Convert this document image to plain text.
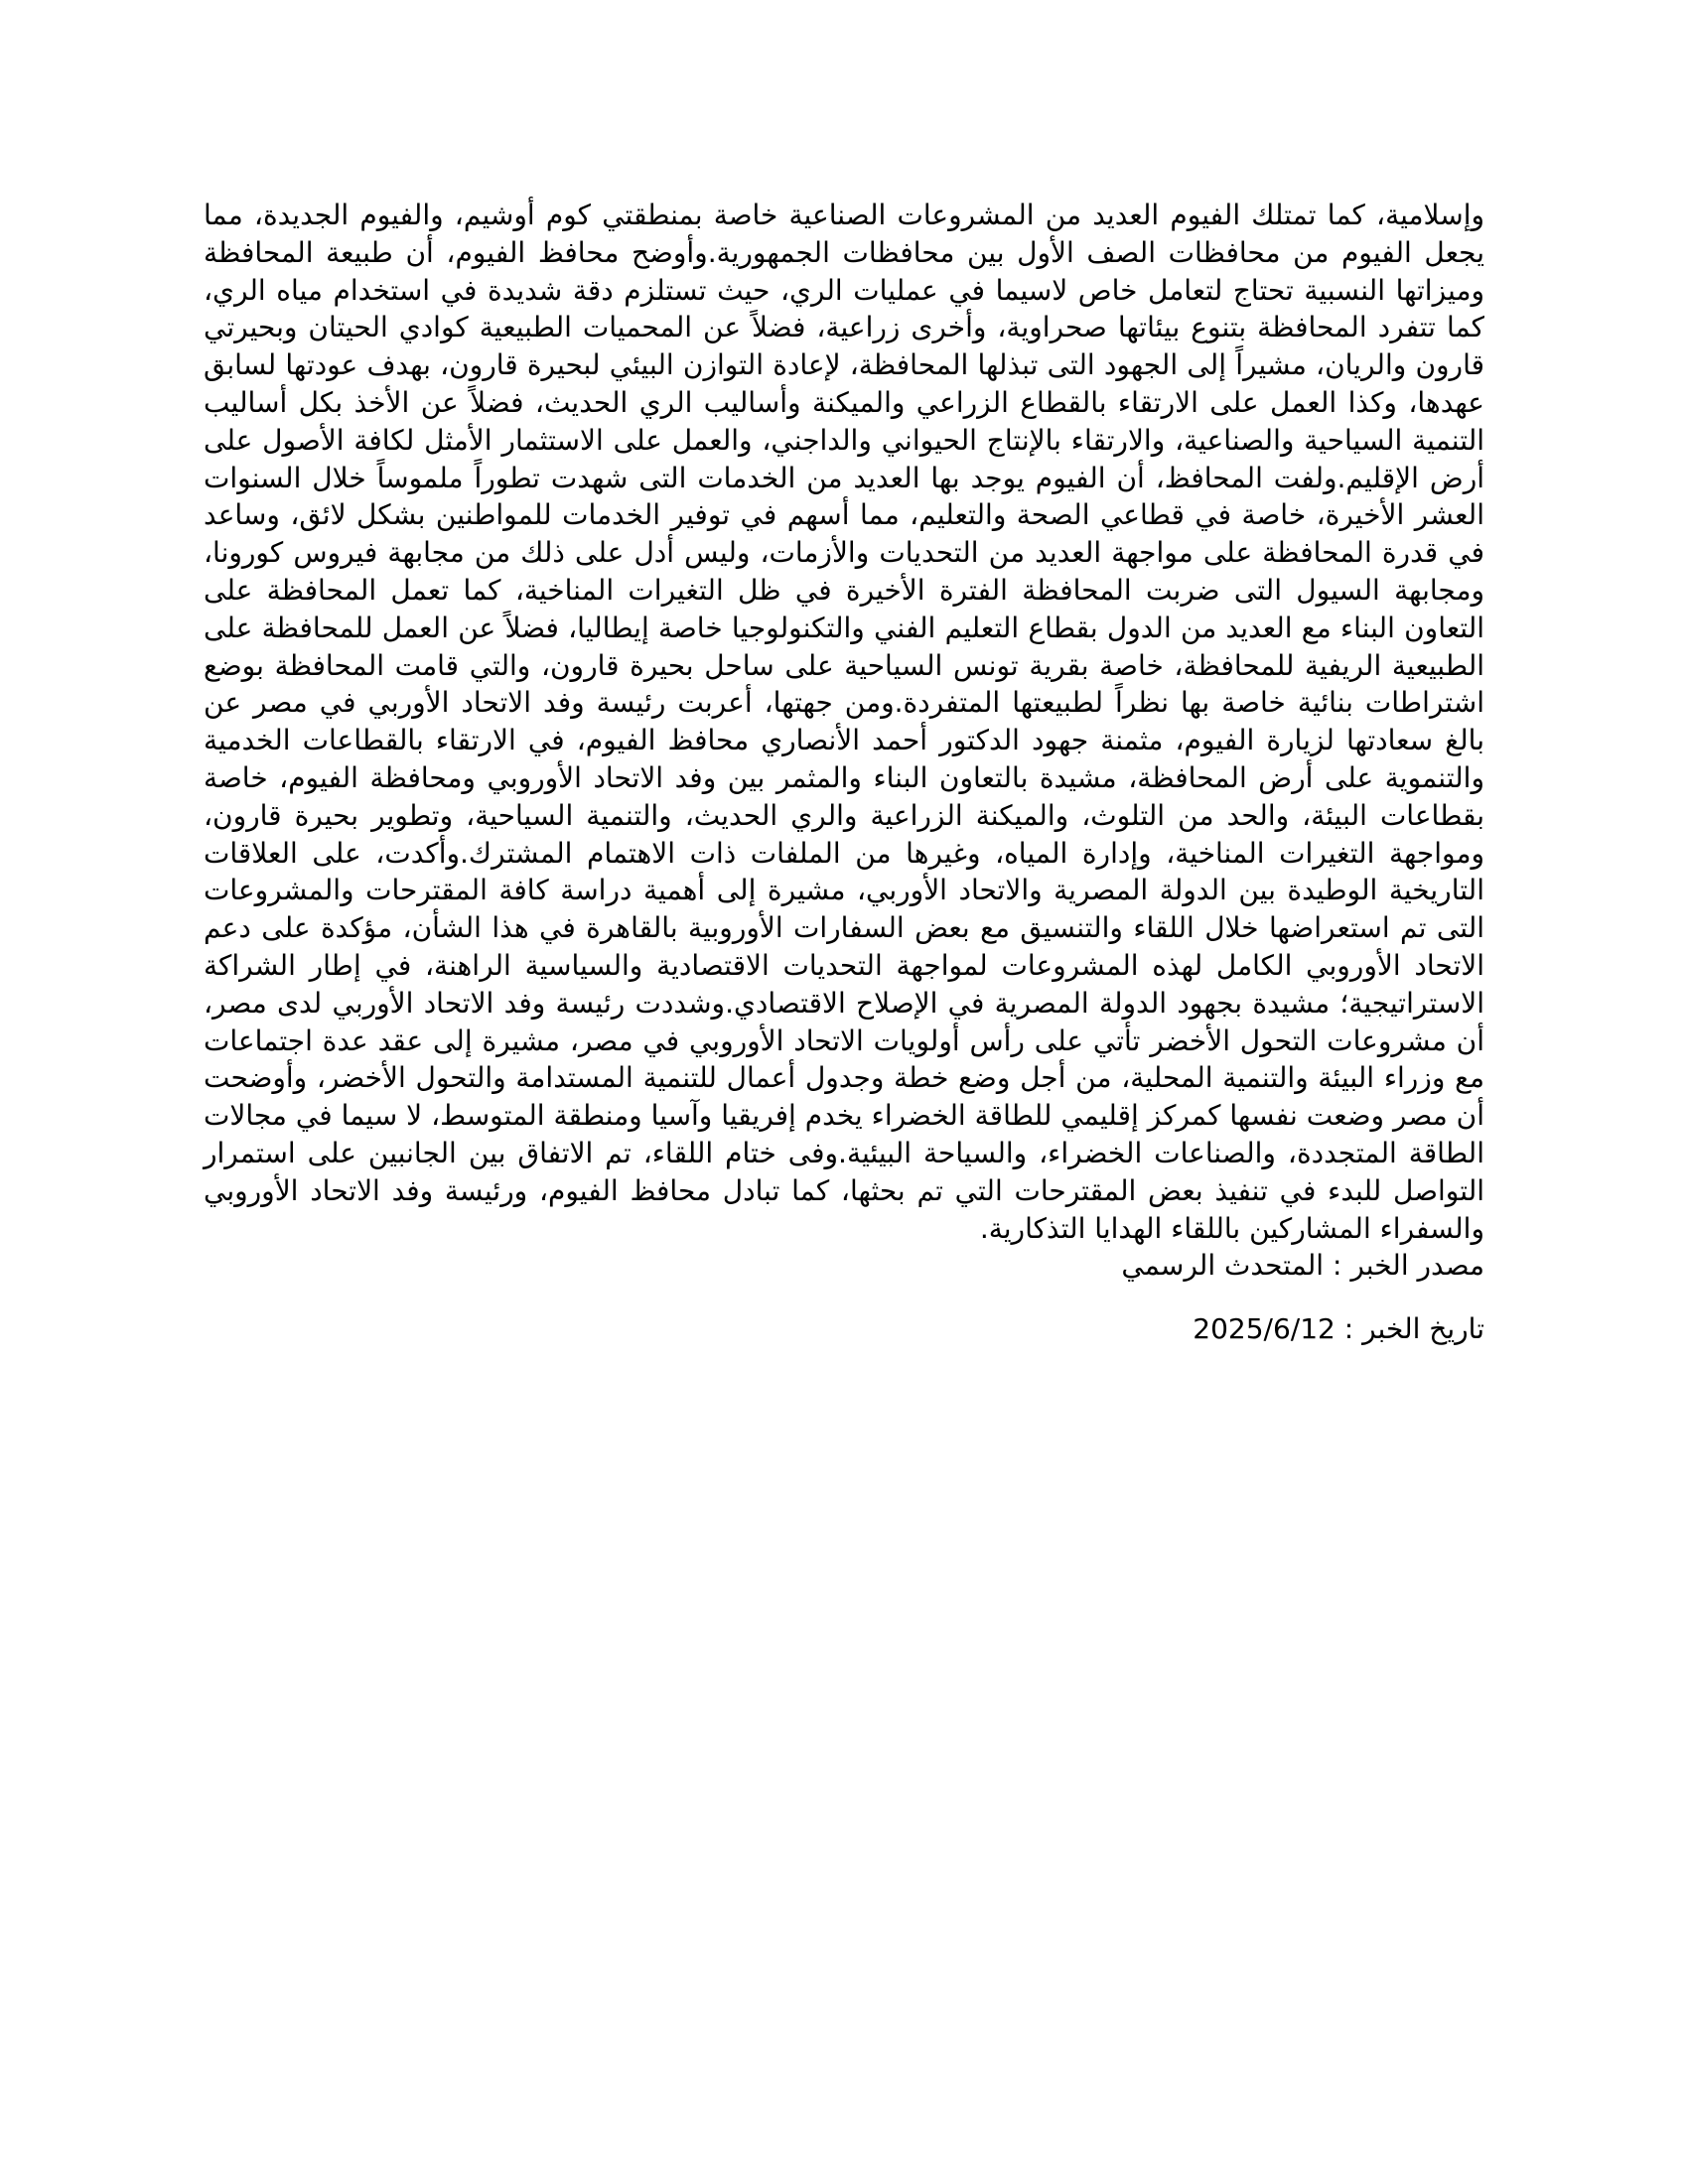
وإسلامية، كما تمتلك الفيوم العديد من المشروعات الصناعية خاصة بمنطقتي كوم أوشيم، والفيوم الجديدة، مما يجعل الفيوم من محافظات الصف الأول بين محافظات الجمهورية.وأوضح محافظ الفيوم، أن طبيعة المحافظة وميزاتها النسبية تحتاج لتعامل خاص لاسيما في عمليات الري، حيث تستلزم دقة شديدة في استخدام مياه الري، كما تتفرد المحافظة بتنوع بيئاتها صحراوية، وأخرى زراعية، فضلاً عن المحميات الطبيعية كوادي الحيتان وبحيرتي قارون والريان، مشيراً إلى الجهود التى تبذلها المحافظة، لإعادة التوازن البيئي لبحيرة قارون، بهدف عودتها لسابق عهدها، وكذا العمل على الارتقاء بالقطاع الزراعي والميكنة وأساليب الري الحديث، فضلاً عن الأخذ بكل أساليب التنمية السياحية والصناعية، والارتقاء بالإنتاج الحيواني والداجني، والعمل على الاستثمار الأمثل لكافة الأصول على أرض الإقليم.ولفت المحافظ، أن الفيوم يوجد بها العديد من الخدمات التى شهدت تطوراً ملموساً خلال السنوات العشر الأخيرة، خاصة في قطاعي الصحة والتعليم، مما أسهم في توفير الخدمات للمواطنين بشكل لائق، وساعد في قدرة المحافظة على مواجهة العديد من التحديات والأزمات، وليس أدل على ذلك من مجابهة فيروس كورونا، ومجابهة السيول التى ضربت المحافظة الفترة الأخيرة في ظل التغيرات المناخية، كما تعمل المحافظة على التعاون البناء مع العديد من الدول بقطاع التعليم الفني والتكنولوجيا خاصة إيطاليا، فضلاً عن العمل للمحافظة على الطبيعية الريفية للمحافظة، خاصة بقرية تونس السياحية على ساحل بحيرة قارون، والتي قامت المحافظة بوضع اشتراطات بنائية خاصة بها نظراً لطبيعتها المتفردة.ومن جهتها، أعربت رئيسة وفد الاتحاد الأوربي في مصر عن بالغ سعادتها لزيارة الفيوم، مثمنة جهود الدكتور أحمد الأنصاري محافظ الفيوم، في الارتقاء بالقطاعات الخدمية والتنموية على أرض المحافظة، مشيدة بالتعاون البناء والمثمر بين وفد الاتحاد الأوروبي ومحافظة الفيوم، خاصة بقطاعات البيئة، والحد من التلوث، والميكنة الزراعية والري الحديث، والتنمية السياحية، وتطوير بحيرة قارون، ومواجهة التغيرات المناخية، وإدارة المياه، وغيرها من الملفات ذات الاهتمام المشترك.وأكدت، على العلاقات التاريخية الوطيدة بين الدولة المصرية والاتحاد الأوربي، مشيرة إلى أهمية دراسة كافة المقترحات والمشروعات التى تم استعراضها خلال اللقاء والتنسيق مع بعض السفارات الأوروبية بالقاهرة في هذا الشأن، مؤكدة على دعم الاتحاد الأوروبي الكامل لهذه المشروعات لمواجهة التحديات الاقتصادية والسياسية الراهنة، في إطار الشراكة الاستراتيجية؛ مشيدة بجهود الدولة المصرية في الإصلاح الاقتصادي.وشددت رئيسة وفد الاتحاد الأوربي لدى مصر، أن مشروعات التحول الأخضر تأتي على رأس أولويات الاتحاد الأوروبي في مصر، مشيرة إلى عقد عدة اجتماعات مع وزراء البيئة والتنمية المحلية، من أجل وضع خطة وجدول أعمال للتنمية المستدامة والتحول الأخضر، وأوضحت أن مصر وضعت نفسها كمركز إقليمي للطاقة الخضراء يخدم إفريقيا وآسيا ومنطقة المتوسط، لا سيما في مجالات الطاقة المتجددة، والصناعات الخضراء، والسياحة البيئية.وفى ختام اللقاء، تم الاتفاق بين الجانبين على استمرار التواصل للبدء في تنفيذ بعض المقترحات التي تم بحثها، كما تبادل محافظ الفيوم، ورئيسة وفد الاتحاد الأوروبي والسفراء المشاركين باللقاء الهدايا التذكارية.

مصدر الخبر : المتحدث الرسمي

تاريخ الخبر : 2025/6/12
